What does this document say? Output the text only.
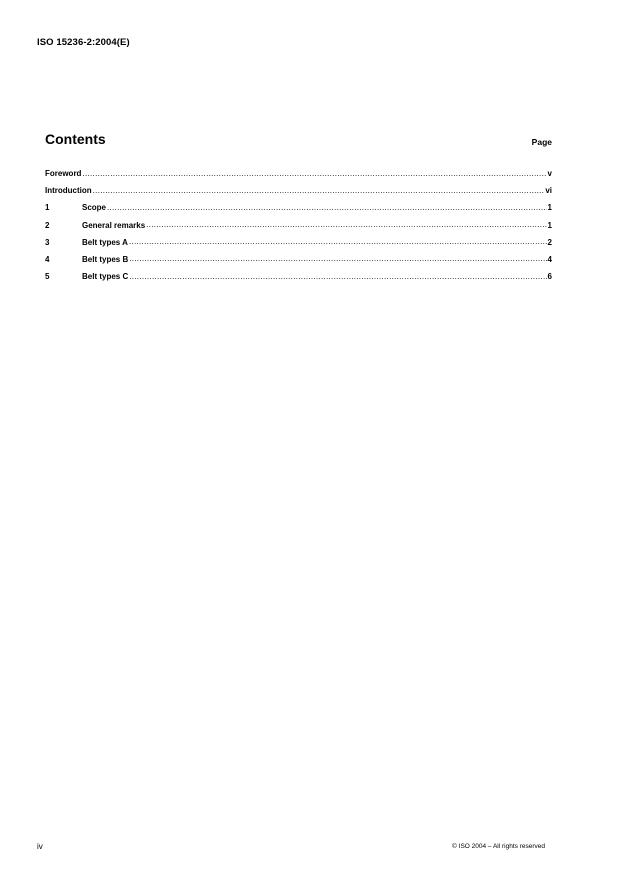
ISO 15236-2:2004(E)
Contents	Page
Foreword .....	v
Introduction .....	vi
1	Scope .....	1
2	General remarks .....	1
3	Belt types A .....	2
4	Belt types B .....	4
5	Belt types C .....	6
iv	© ISO 2004 – All rights reserved
